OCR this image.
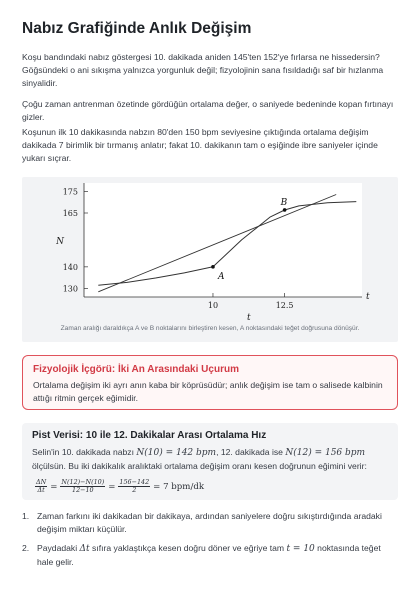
Nabız Grafiğinde Anlık Değişim

Koşu bandındaki nabız göstergesi 10. dakikada aniden 145'ten 152'ye fırlarsa ne hissedersin? Göğsündeki o ani sıkışma yalnızca yorgunluk değil; fizyolojinin sana fısıldadığı saf bir hızlanma sinyalidir.

Çoğu zaman antrenman özetinde gördüğün ortalama değer, o saniyede bedeninde kopan fırtınayı gizler.

Koşunun ilk 10 dakikasında nabzın 80'den 150 bpm seviyesine çıktığında ortalama değişim dakikada 7 birimlik bir tırmanış anlatır; fakat 10. dakikanın tam o eşiğinde ibre saniyeler içinde yukarı sıçrar.

10	12.5
175
165
140
130
t
t
N
A
B
Zaman aralığı daraldıkça A ve B noktalarını birleştiren kesen, A noktasındaki teğet doğrusuna dönüşür.
Fizyolojik İçgörü: İki An Arasındaki Uçurum

Ortalama değişim iki ayrı anın kaba bir köprüsüdür; anlık değişim ise tam o salisede kalbinin attığı ritmin gerçek eğimidir.

Pist Verisi: 10 ile 12. Dakikalar Arası Ortalama Hız

Selin'in 10. dakikada nabzı N(10) = 142 bpm, 12. dakikada ise N(12) = 156 bpm
ölçülsün. Bu iki dakikalık aralıktaki ortalama değişim oranı kesen doğrunun eğimini verir:

$\frac{\Delta N}{\Delta t} = \frac{N(12)-N(10)}{12-10} = \frac{156-142}{2} = 7$ bpm/dk
1. Zaman farkını iki dakikadan bir dakikaya, ardından saniyelere doğru sıkıştırdığında aradaki değişim miktarı küçülür.
2. Paydadaki Δt sıfıra yaklaştıkça kesen doğru döner ve eğriye tam t = 10 noktasında teğet hale gelir.
